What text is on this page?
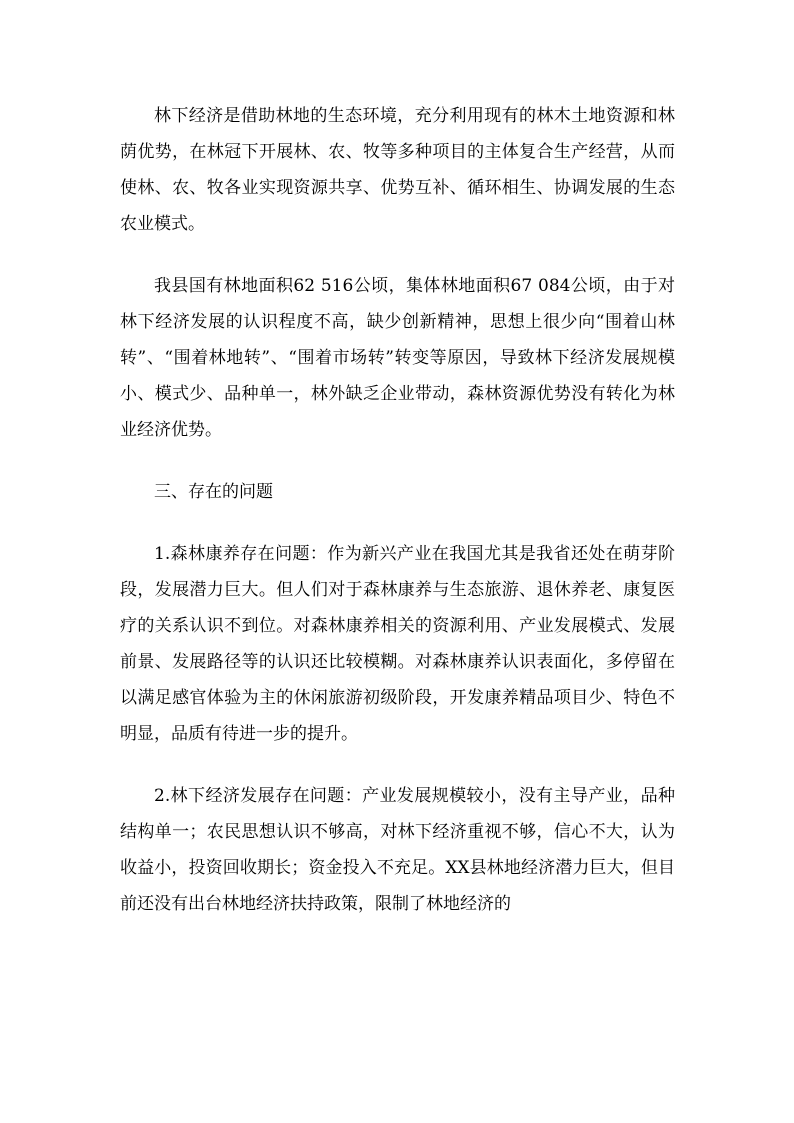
林下经济是借助林地的生态环境，充分利用现有的林木土地资源和林荫优势，在林冠下开展林、农、牧等多种项目的主体复合生产经营，从而使林、农、牧各业实现资源共享、优势互补、循环相生、协调发展的生态农业模式。

我县国有林地面积62 516公顷，集体林地面积67 084公顷，由于对林下经济发展的认识程度不高，缺少创新精神，思想上很少向“围着山林转”、“围着林地转”、“围着市场转”转变等原因，导致林下经济发展规模小、模式少、品种单一，林外缺乏企业带动，森林资源优势没有转化为林业经济优势。

三、存在的问题

1.森林康养存在问题：作为新兴产业在我国尤其是我省还处在萌芽阶段，发展潜力巨大。但人们对于森林康养与生态旅游、退休养老、康复医疗的关系认识不到位。对森林康养相关的资源利用、产业发展模式、发展前景、发展路径等的认识还比较模糊。对森林康养认识表面化，多停留在以满足感官体验为主的休闲旅游初级阶段，开发康养精品项目少、特色不明显，品质有待进一步的提升。

2.林下经济发展存在问题：产业发展规模较小，没有主导产业，品种结构单一；农民思想认识不够高，对林下经济重视不够，信心不大，认为收益小，投资回收期长；资金投入不充足。XX县林地经济潜力巨大，但目前还没有出台林地经济扶持政策，限制了林地经济的
